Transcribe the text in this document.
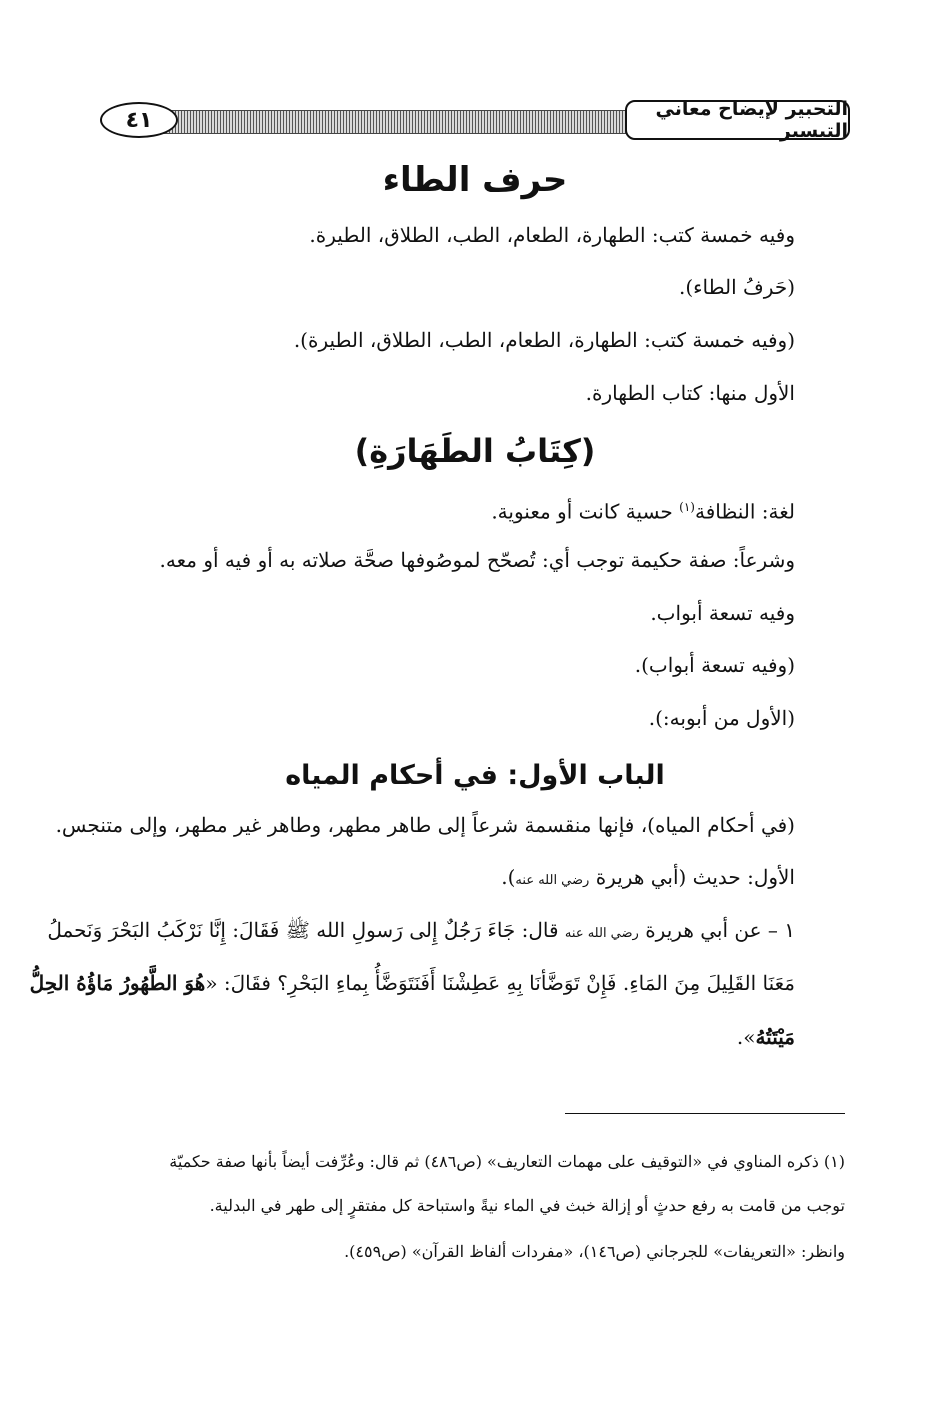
التحبير لإيضاح معاني التيسير
٤١
حرف الطاء
وفيه خمسة كتب: الطهارة، الطعام، الطب، الطلاق، الطيرة.
(حَرفُ الطاء).
(وفيه خمسة كتب: الطهارة، الطعام، الطب، الطلاق، الطيرة).
الأول منها: كتاب الطهارة.
(كِتَابُ الطَهَارَةِ)
لغة: النظافة$^{(١)}$ حسية كانت أو معنوية.
وشرعاً: صفة حكيمة توجب أي: تُصحّح لموصُوفها صحَّة صلاته به أو فيه أو معه.
وفيه تسعة أبواب.
(وفيه تسعة أبواب).
(الأول من أبوبه:).
الباب الأول: في أحكام المياه
(في أحكام المياه)، فإنها منقسمة شرعاً إلى طاهر مطهر، وطاهر غير مطهر، وإلى متنجس.
الأول: حديث (أبي هريرة رضي الله عنه).
١ – عن أبي هريرة رضي الله عنه قال: جَاءَ رَجُلٌ إِلى رَسولِ الله ﷺ فَقَالَ: إِنَّا نَرْكَبُ البَحْرَ وَنَحملُ
مَعَنَا القَلِيلَ مِنَ المَاءِ. فَإِنْ تَوَضَّأنَا بِهِ عَطِشْنَا أَفَنَتَوَضَّأُ بِماءِ البَحْرِ؟ فقَالَ: «هُوَ الطَّهُورُ مَاؤُهُ الحِلُّ
مَيْتَتُهُ».
(١) ذكره المناوي في «التوقيف على مهمات التعاريف» (ص٤٨٦) ثم قال: وعُرِّفت أيضاً بأنها صفة حكميّة
توجب من قامت به رفع حدثٍ أو إزالة خبث في الماء نيةً واستباحة كل مفتقرٍ إلى طهر في البدلية.
وانظر: «التعريفات» للجرجاني (ص١٤٦)، «مفردات ألفاظ القرآن» (ص٤٥٩).
